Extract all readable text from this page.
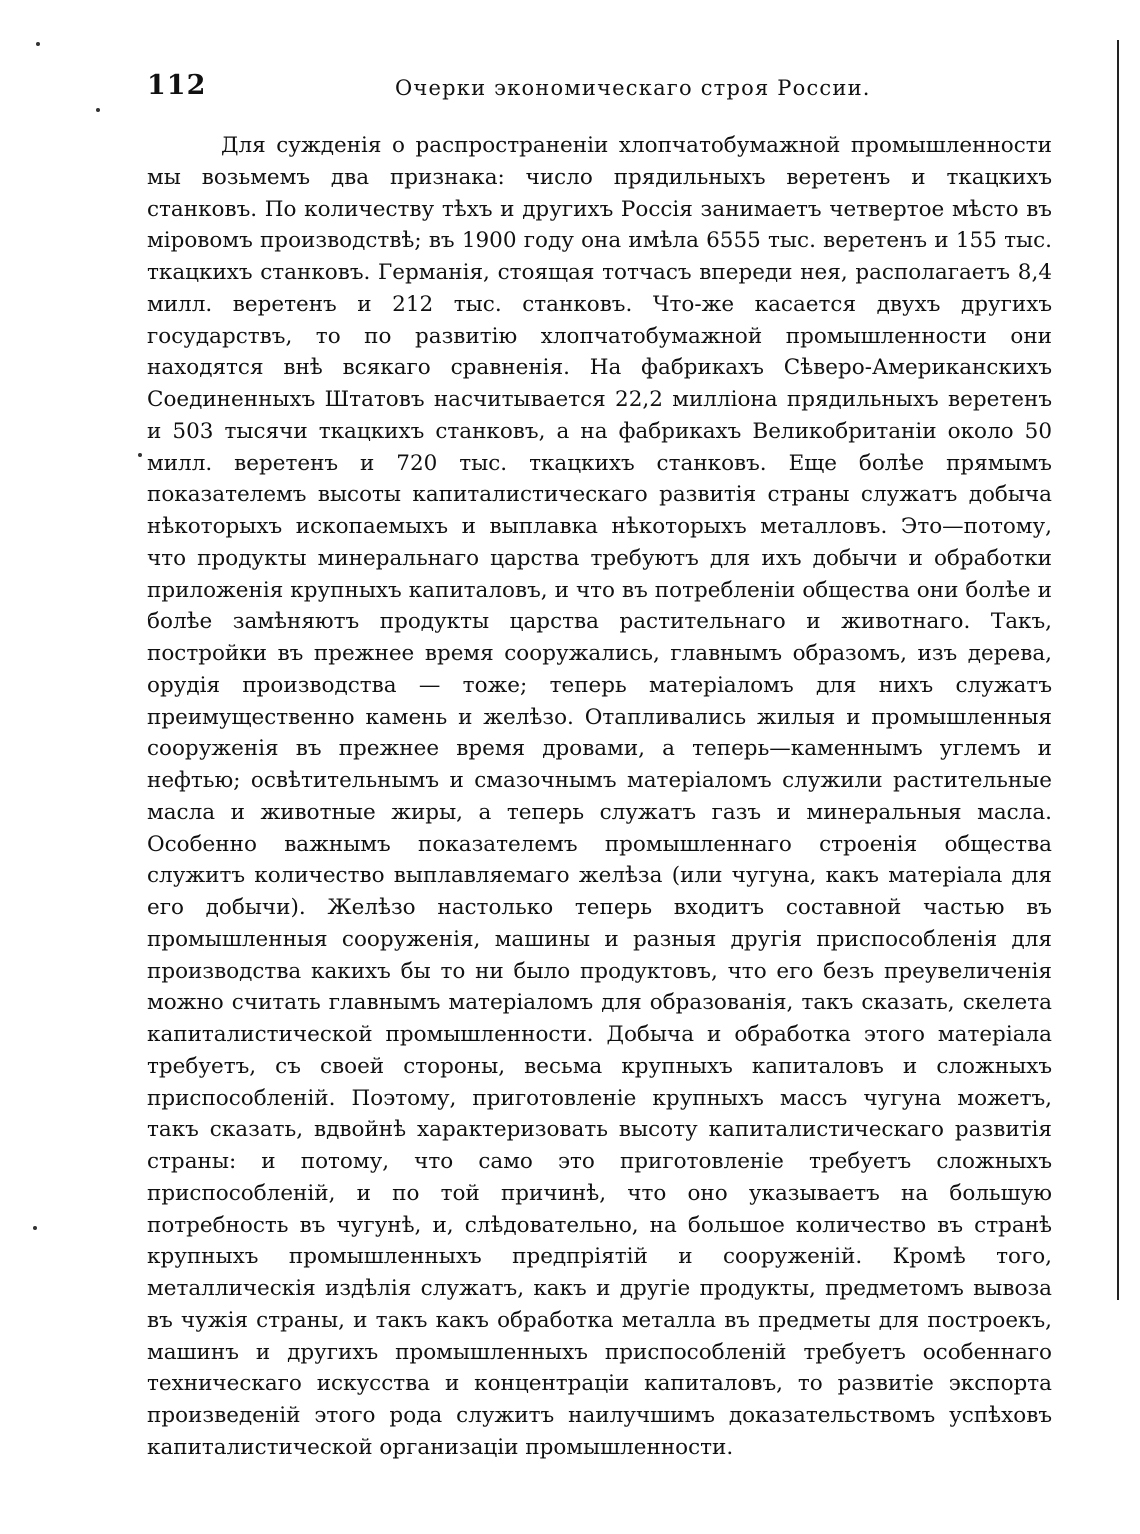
112	Очерки экономическаго строя России.

Для сужденія о распространеніи хлопчатобумажной промышленности мы возьмемъ два признака: число прядильныхъ веретенъ и ткацкихъ станковъ. По количеству тѣхъ и другихъ Россія занимаетъ четвертое мѣсто въ міровомъ производствѣ; въ 1900 году она имѣла 6555 тыс. веретенъ и 155 тыс. ткацкихъ станковъ. Германія, стоящая тотчасъ впереди нея, располагаетъ 8,4 милл. веретенъ и 212 тыс. станковъ. Что-же касается двухъ другихъ государствъ, то по развитію хлопчатобумажной промышленности они находятся внѣ всякаго сравненія. На фабрикахъ Сѣверо-Американскихъ Соединенныхъ Штатовъ насчитывается 22,2 милліона прядильныхъ веретенъ и 503 тысячи ткацкихъ станковъ, а на фабрикахъ Великобританіи около 50 милл. веретенъ и 720 тыс. ткацкихъ станковъ. Еще болѣе прямымъ показателемъ высоты капиталистическаго развитія страны служатъ добыча нѣкоторыхъ ископаемыхъ и выплавка нѣкоторыхъ металловъ. Это—потому, что продукты минеральнаго царства требуютъ для ихъ добычи и обработки приложенія крупныхъ капиталовъ, и что въ потребленіи общества они болѣе и болѣе замѣняютъ продукты царства растительнаго и животнаго. Такъ, постройки въ прежнее время сооружались, главнымъ образомъ, изъ дерева, орудія производства — тоже; теперь матеріаломъ для нихъ служатъ преимущественно камень и желѣзо. Отапливались жилыя и промышленныя сооруженія въ прежнее время дровами, а теперь—каменнымъ углемъ и нефтью; освѣтительнымъ и смазочнымъ матеріаломъ служили растительные масла и животные жиры, а теперь служатъ газъ и минеральныя масла. Особенно важнымъ показателемъ промышленнаго строенія общества служитъ количество выплавляемаго желѣза (или чугуна, какъ матеріала для его добычи). Желѣзо настолько теперь входитъ составной частью въ промышленныя сооруженія, машины и разныя другія приспособленія для производства какихъ бы то ни было продуктовъ, что его безъ преувеличенія можно считать главнымъ матеріаломъ для образованія, такъ сказать, скелета капиталистической промышленности. Добыча и обработка этого матеріала требуетъ, съ своей стороны, весьма крупныхъ капиталовъ и сложныхъ приспособленій. Поэтому, приготовленіе крупныхъ массъ чугуна можетъ, такъ сказать, вдвойнѣ характеризовать высоту капиталистическаго развитія страны: и потому, что само это приготовленіе требуетъ сложныхъ приспособленій, и по той причинѣ, что оно указываетъ на большую потребность въ чугунѣ, и, слѣдовательно, на большое количество въ странѣ крупныхъ промышленныхъ предпріятій и сооруженій. Кромѣ того, металлическія издѣлія служатъ, какъ и другіе продукты, предметомъ вывоза въ чужія страны, и такъ какъ обработка металла въ предметы для построекъ, машинъ и другихъ промышленныхъ приспособленій требуетъ особеннаго техническаго искусства и концентраціи капиталовъ, то развитіе экспорта произведеній этого рода служитъ наилучшимъ доказательствомъ успѣховъ капиталистической организаціи промышленности.
